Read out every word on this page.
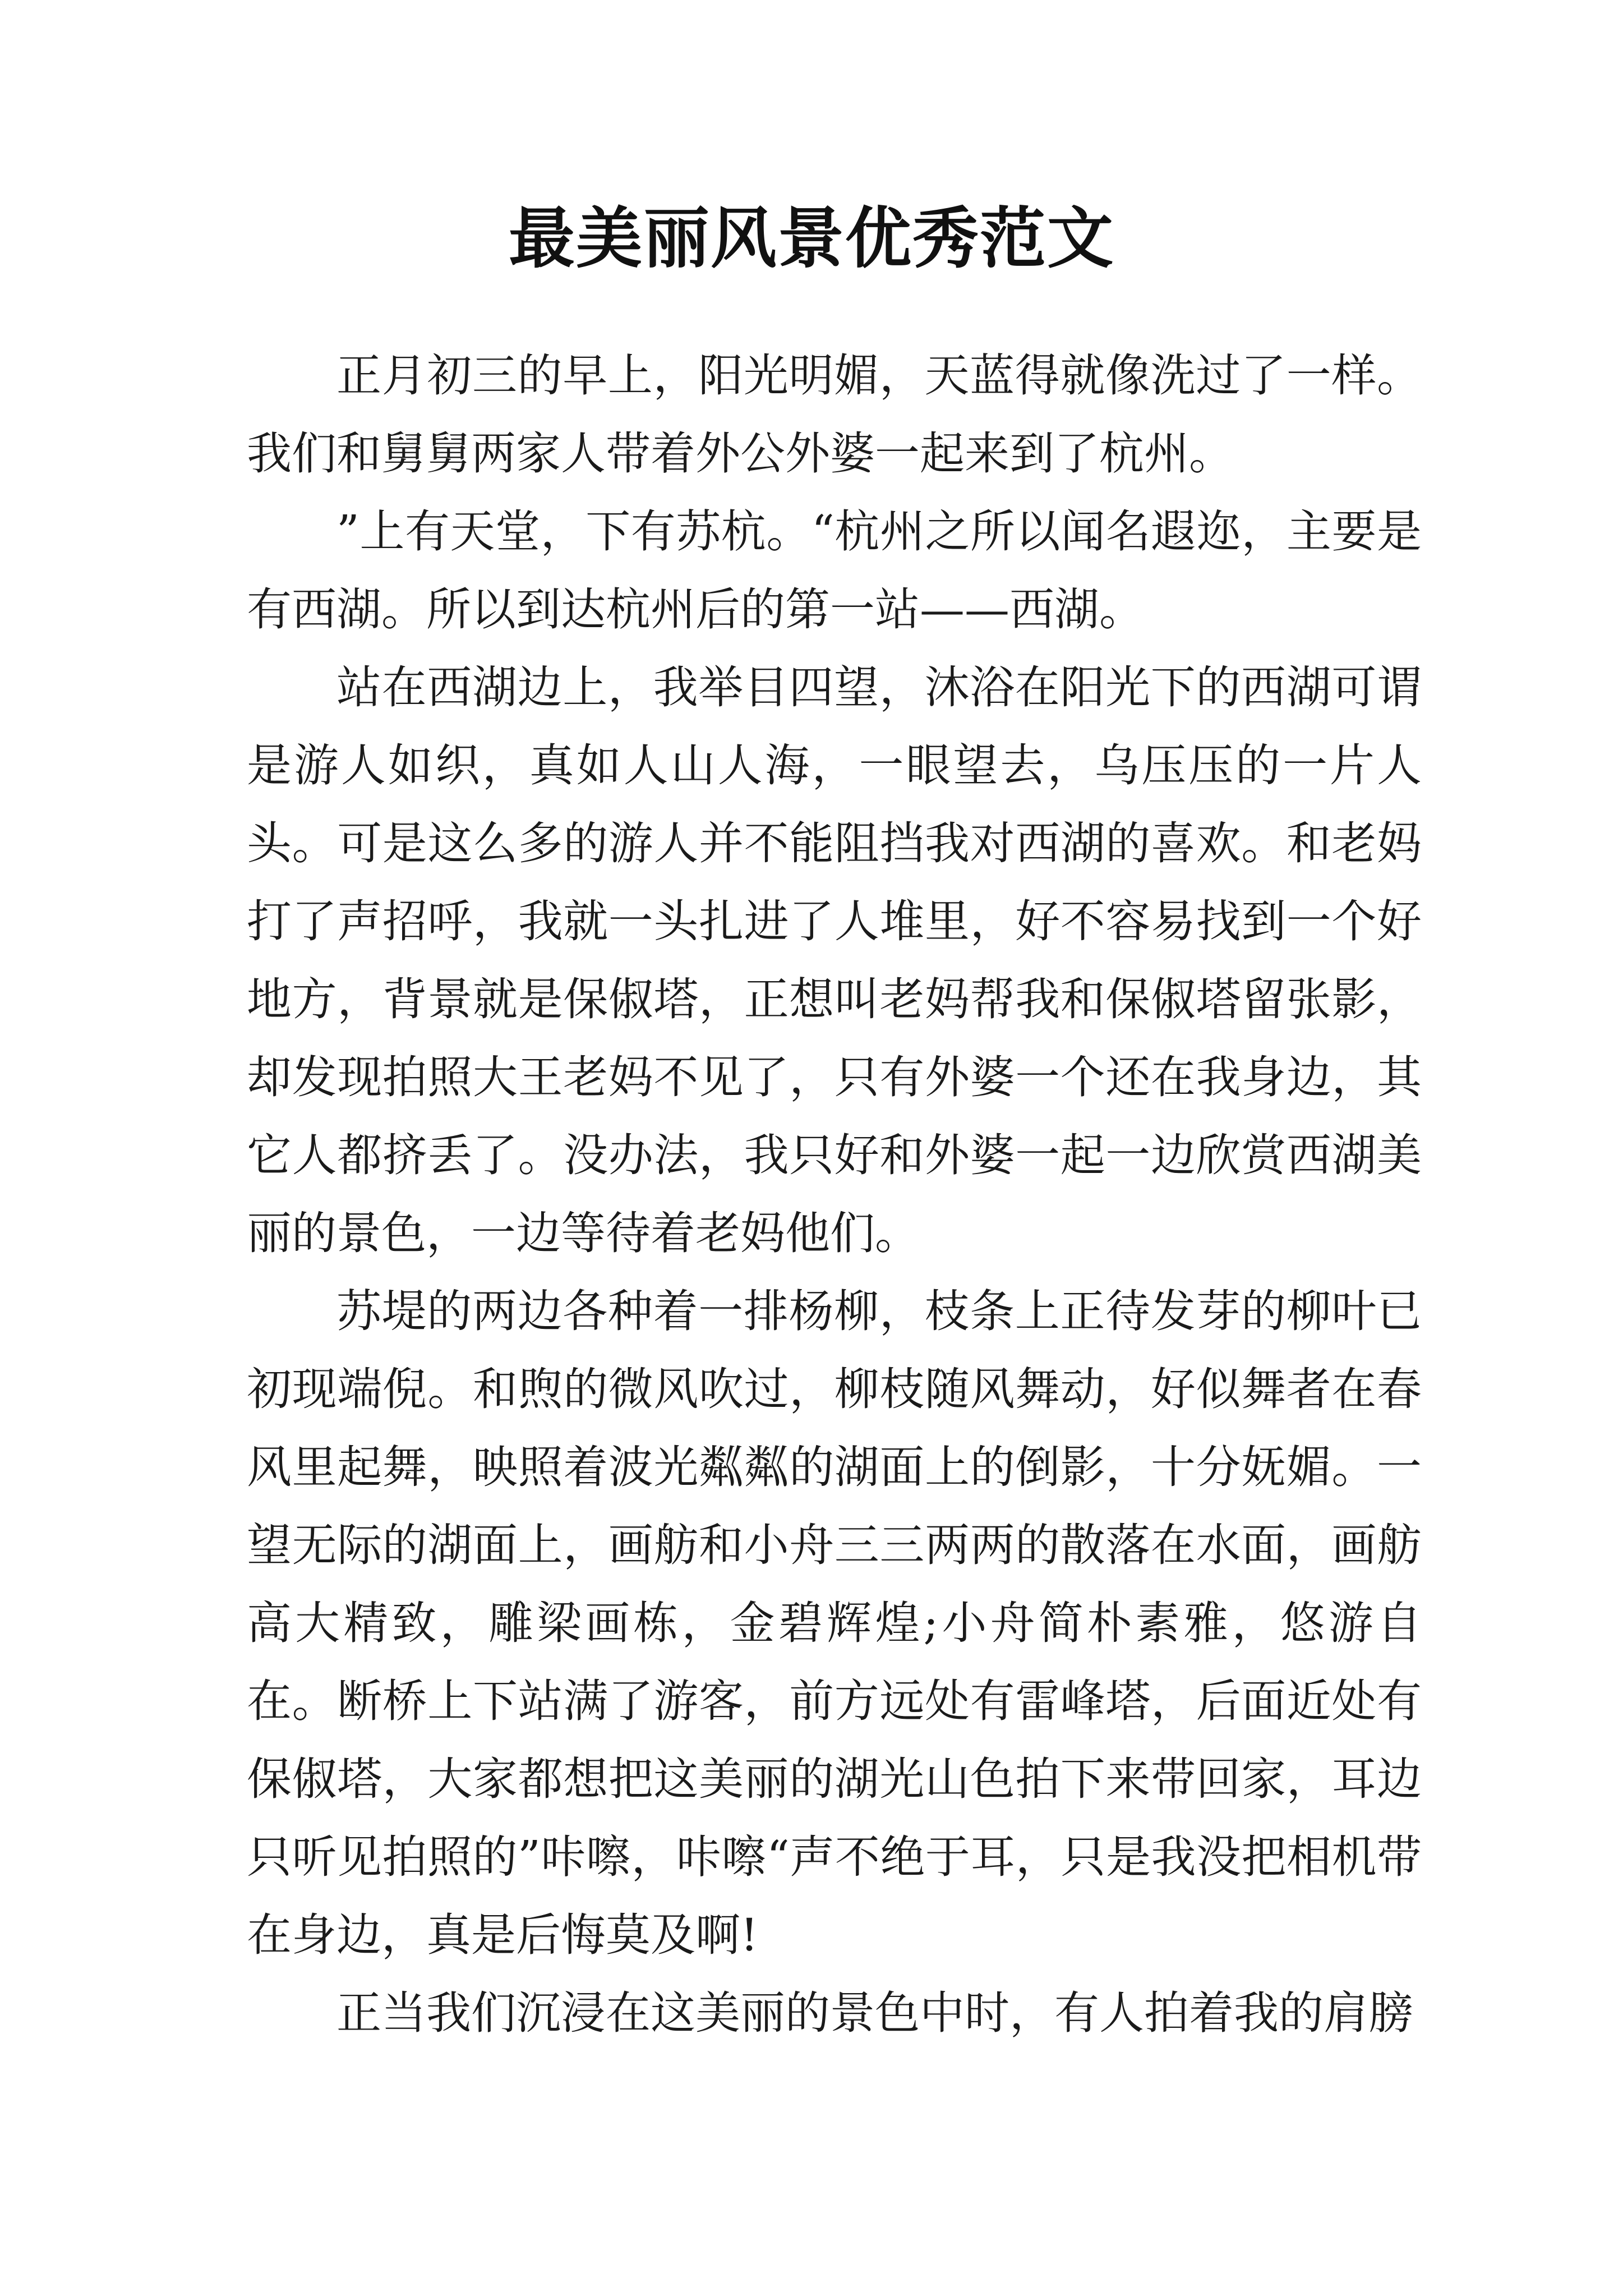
最美丽风景优秀范文

正月初三的早上，阳光明媚，天蓝得就像洗过了一样。我们和舅舅两家人带着外公外婆一起来到了杭州。

”上有天堂，下有苏杭。“杭州之所以闻名遐迩，主要是有西湖。所以到达杭州后的第一站——西湖。

站在西湖边上，我举目四望，沐浴在阳光下的西湖可谓是游人如织，真如人山人海，一眼望去，乌压压的一片人头。可是这么多的游人并不能阻挡我对西湖的喜欢。和老妈打了声招呼，我就一头扎进了人堆里，好不容易找到一个好地方，背景就是保俶塔，正想叫老妈帮我和保俶塔留张影，却发现拍照大王老妈不见了，只有外婆一个还在我身边，其它人都挤丢了。没办法，我只好和外婆一起一边欣赏西湖美丽的景色，一边等待着老妈他们。

苏堤的两边各种着一排杨柳，枝条上正待发芽的柳叶已初现端倪。和煦的微风吹过，柳枝随风舞动，好似舞者在春风里起舞，映照着波光粼粼的湖面上的倒影，十分妩媚。一望无际的湖面上，画舫和小舟三三两两的散落在水面，画舫高大精致，雕梁画栋，金碧辉煌;小舟简朴素雅，悠游自在。断桥上下站满了游客，前方远处有雷峰塔，后面近处有保俶塔，大家都想把这美丽的湖光山色拍下来带回家，耳边只听见拍照的”咔嚓，咔嚓“声不绝于耳，只是我没把相机带在身边，真是后悔莫及啊!

正当我们沉浸在这美丽的景色中时，有人拍着我的肩膀
